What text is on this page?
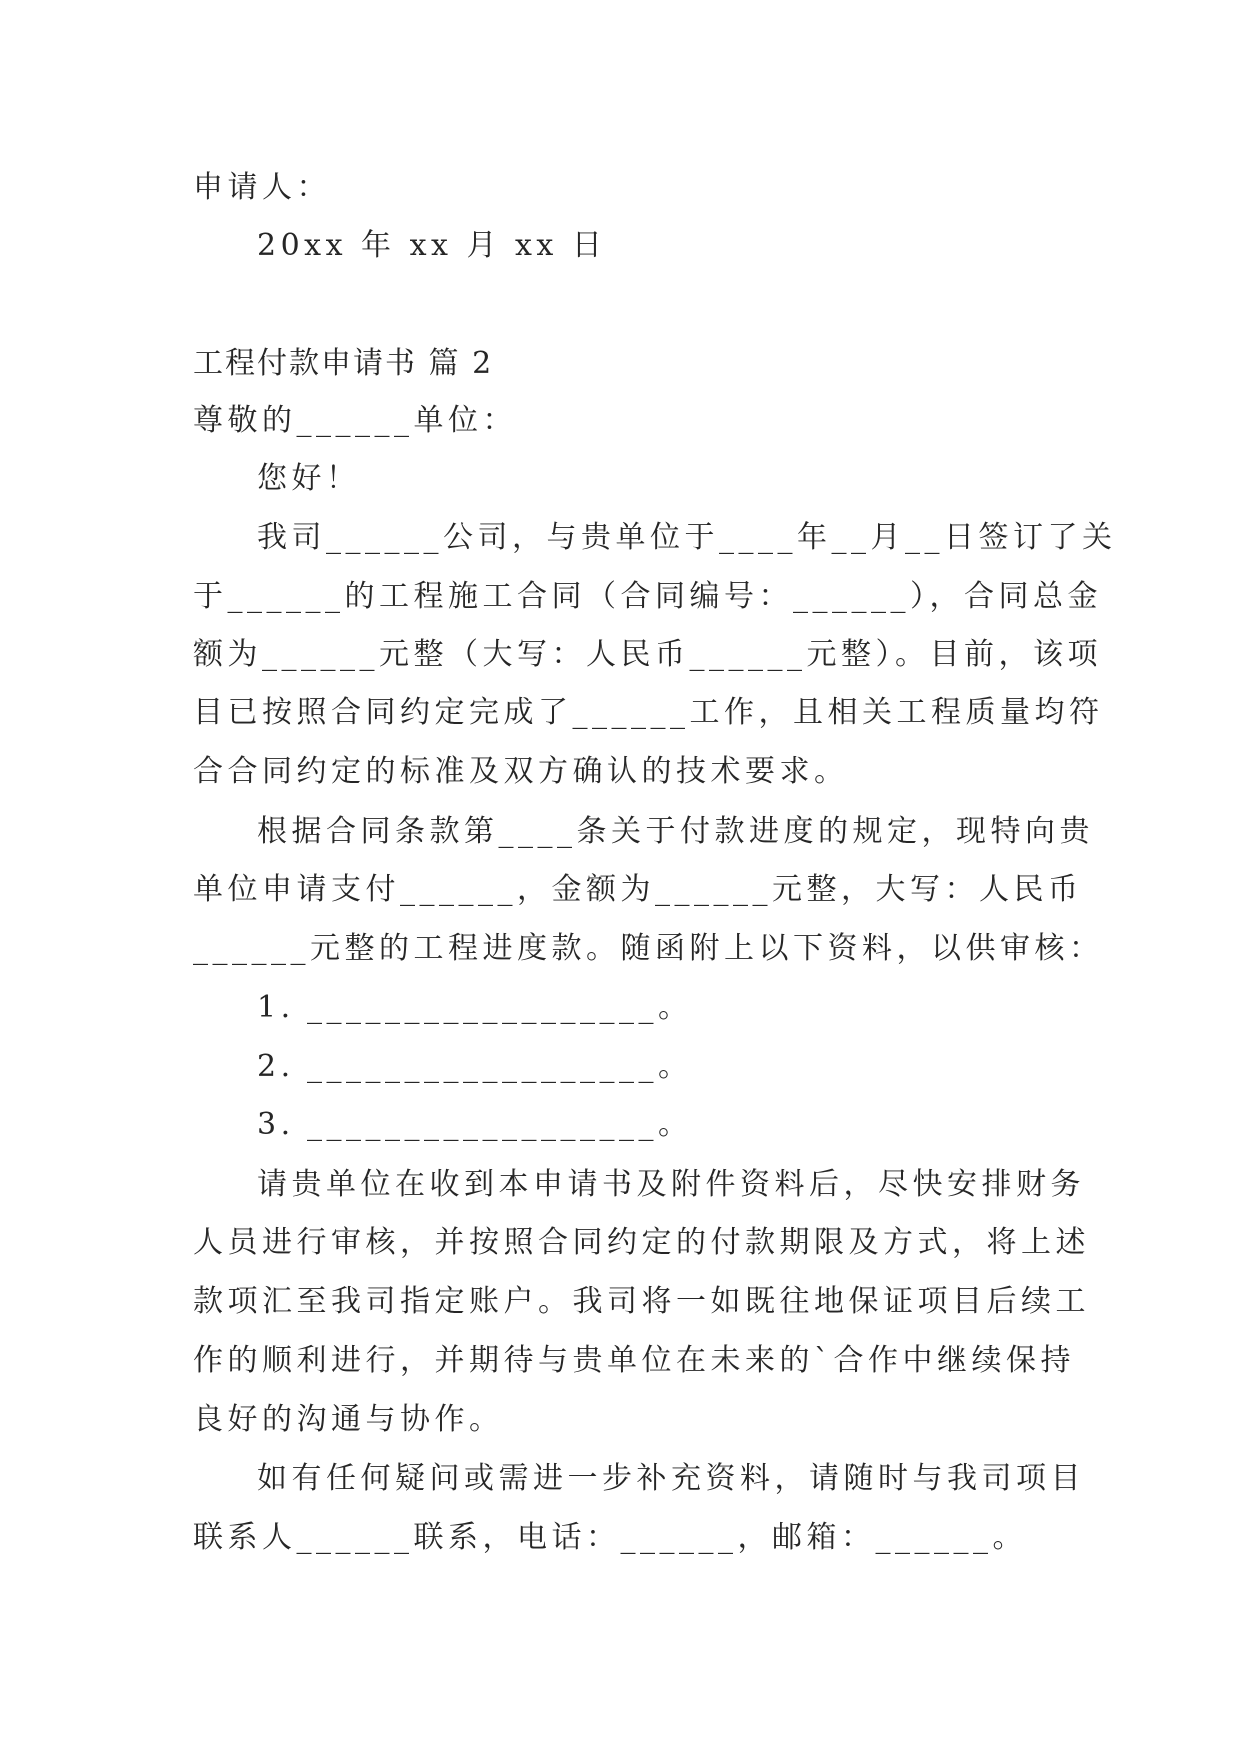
申请人：

20xx 年 xx 月 xx 日

工程付款申请书 篇 2

尊敬的______单位：

您好！

我司______公司，与贵单位于____年__月__日签订了关

于______的工程施工合同（合同编号：______），合同总金

额为______元整（大写：人民币______元整）。目前，该项

目已按照合同约定完成了______工作，且相关工程质量均符

合合同约定的标准及双方确认的技术要求。

根据合同条款第____条关于付款进度的规定，现特向贵

单位申请支付______，金额为______元整，大写：人民币

______元整的工程进度款。随函附上以下资料，以供审核：

1. __________________。

2. __________________。

3. __________________。

请贵单位在收到本申请书及附件资料后，尽快安排财务

人员进行审核，并按照合同约定的付款期限及方式，将上述

款项汇至我司指定账户。我司将一如既往地保证项目后续工

作的顺利进行，并期待与贵单位在未来的`合作中继续保持

良好的沟通与协作。

如有任何疑问或需进一步补充资料，请随时与我司项目

联系人______联系，电话：______，邮箱：______。
